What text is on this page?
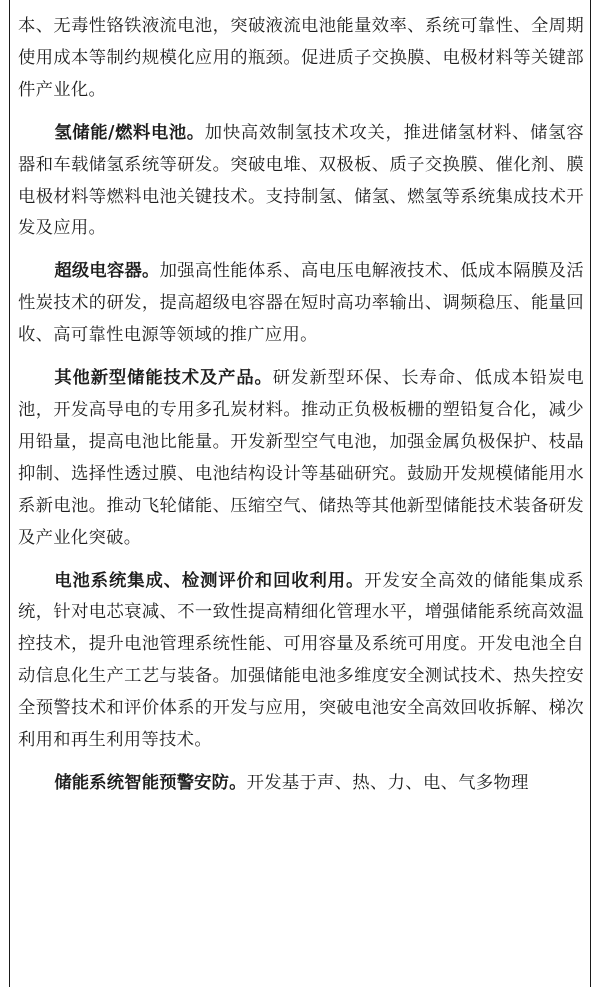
本、无毒性铬铁液流电池，突破液流电池能量效率、系统可靠性、全周期使用成本等制约规模化应用的瓶颈。促进质子交换膜、电极材料等关键部件产业化。

氢储能/燃料电池。加快高效制氢技术攻关，推进储氢材料、储氢容器和车载储氢系统等研发。突破电堆、双极板、质子交换膜、催化剂、膜电极材料等燃料电池关键技术。支持制氢、储氢、燃氢等系统集成技术开发及应用。

超级电容器。加强高性能体系、高电压电解液技术、低成本隔膜及活性炭技术的研发，提高超级电容器在短时高功率输出、调频稳压、能量回收、高可靠性电源等领域的推广应用。

其他新型储能技术及产品。研发新型环保、长寿命、低成本铅炭电池，开发高导电的专用多孔炭材料。推动正负极板栅的塑铅复合化，减少用铅量，提高电池比能量。开发新型空气电池，加强金属负极保护、枝晶抑制、选择性透过膜、电池结构设计等基础研究。鼓励开发规模储能用水系新电池。推动飞轮储能、压缩空气、储热等其他新型储能技术装备研发及产业化突破。

电池系统集成、检测评价和回收利用。开发安全高效的储能集成系统，针对电芯衰减、不一致性提高精细化管理水平，增强储能系统高效温控技术，提升电池管理系统性能、可用容量及系统可用度。开发电池全自动信息化生产工艺与装备。加强储能电池多维度安全测试技术、热失控安全预警技术和评价体系的开发与应用，突破电池安全高效回收拆解、梯次利用和再生利用等技术。

储能系统智能预警安防。开发基于声、热、力、电、气多物理
